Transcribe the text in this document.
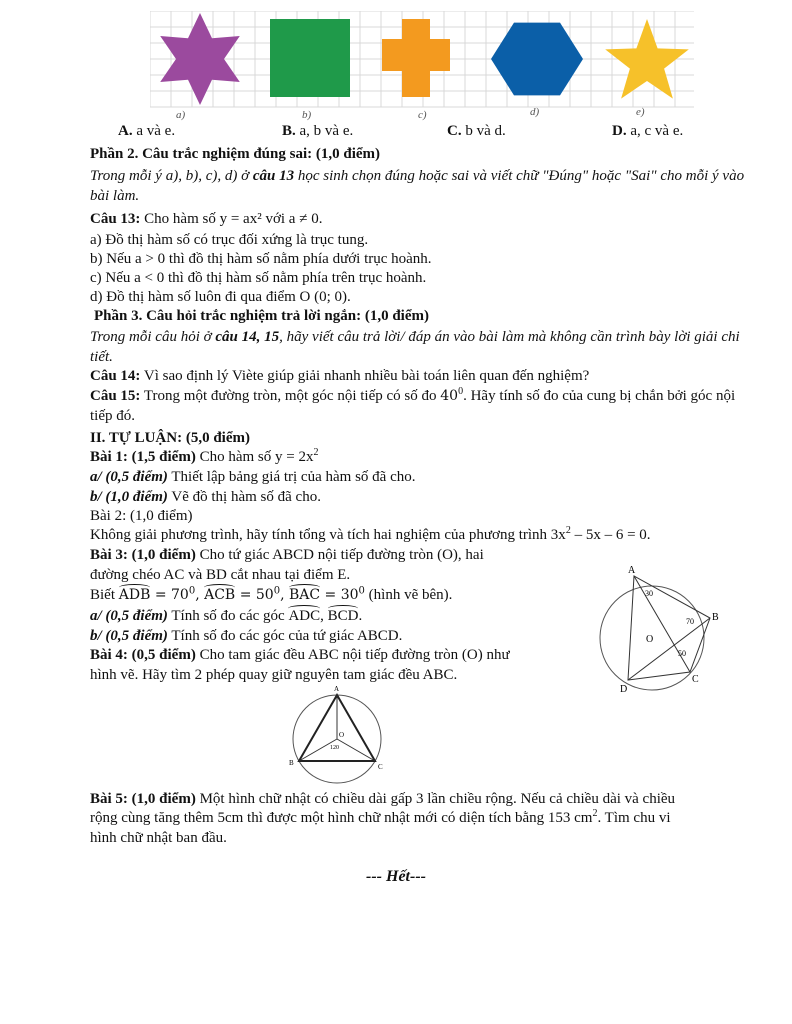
a)	b)	c)	d)	e)
A. a và e.	B. a, b và e.	C. b và d.	D. a, c và e.
Phần 2. Câu trắc nghiệm đúng sai: (1,0 điểm)
Trong mỗi ý a), b), c), d) ở câu 13 học sinh chọn đúng hoặc sai và viết chữ "Đúng" hoặc "Sai" cho mỗi ý vào bài làm.
Câu 13: Cho hàm số y = ax² với a ≠ 0.
a) Đồ thị hàm số có trục đối xứng là trục tung.
b) Nếu a > 0 thì đồ thị hàm số nằm phía dưới trục hoành.
c) Nếu a < 0 thì đồ thị hàm số nằm phía trên trục hoành.
d) Đồ thị hàm số luôn đi qua điểm O (0; 0).
Phần 3. Câu hỏi trắc nghiệm trả lời ngắn: (1,0 điểm)
Trong mỗi câu hỏi ở câu 14, 15, hãy viết câu trả lời/ đáp án vào bài làm mà không cần trình bày lời giải chi tiết.
Câu 14: Vì sao định lý Viète giúp giải nhanh nhiều bài toán liên quan đến nghiệm?
Câu 15: Trong một đường tròn, một góc nội tiếp có số đo $40^0$. Hãy tính số đo của cung bị chắn bởi góc nội tiếp đó.
II. TỰ LUẬN: (5,0 điểm)
Bài 1: (1,5 điểm) Cho hàm số $y = 2x^2$
a/ (0,5 điểm) Thiết lập bảng giá trị của hàm số đã cho.
b/ (1,0 điểm) Vẽ đồ thị hàm số đã cho.
Bài 2: (1,0 điểm)
Không giải phương trình, hãy tính tổng và tích hai nghiệm của phương trình $3x^2 - 5x - 6 = 0$.
Bài 3: (1,0 điểm) Cho tứ giác ABCD nội tiếp đường tròn (O), hai
đường chéo AC và BD cắt nhau tại điểm E.
Biết ADB = $70^0$, ACB = $50^0$, BAC = $30^0$ (hình vẽ bên).
a/ (0,5 điểm) Tính số đo các góc ADC, BCD.
b/ (0,5 điểm) Tính số đo các góc của tứ giác ABCD.
Bài 4: (0,5 điểm) Cho tam giác đều ABC nội tiếp đường tròn (O) như
hình vẽ. Hãy tìm 2 phép quay giữ nguyên tam giác đều ABC.
A
B
C
D
O
30
70
50
A
B	C
O
120
Bài 5: (1,0 điểm) Một hình chữ nhật có chiều dài gấp 3 lần chiều rộng. Nếu cả chiều dài và chiều
rộng cùng tăng thêm 5cm thì được một hình chữ nhật mới có diện tích bằng 153 $cm^2$. Tìm chu vi
hình chữ nhật ban đầu.
--- Hết---
